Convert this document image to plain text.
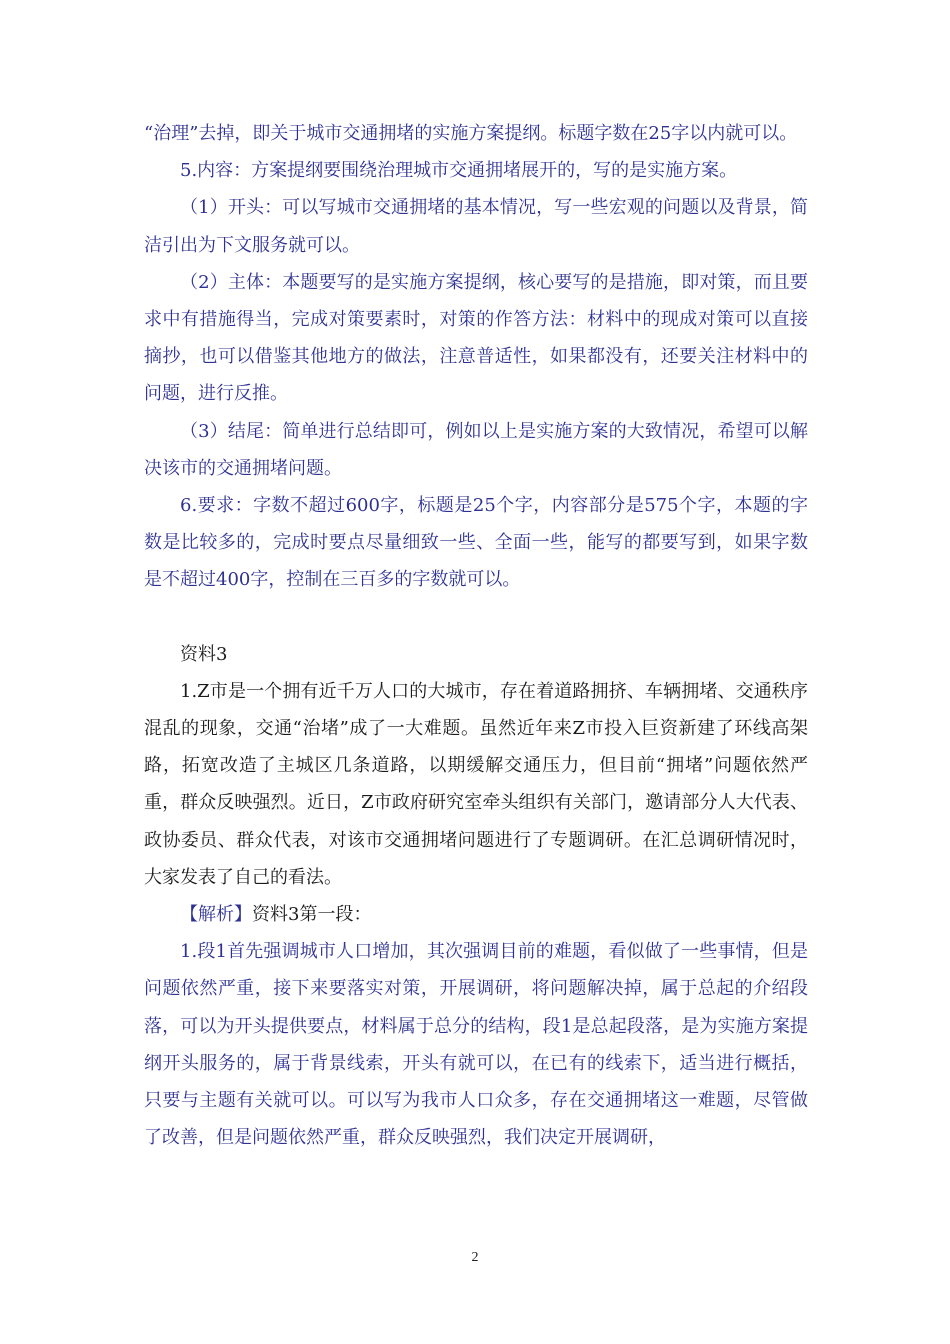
“治理”去掉，即关于城市交通拥堵的实施方案提纲。标题字数在25字以内就可以。

5.内容：方案提纲要围绕治理城市交通拥堵展开的，写的是实施方案。

（1）开头：可以写城市交通拥堵的基本情况，写一些宏观的问题以及背景，简洁引出为下文服务就可以。

（2）主体：本题要写的是实施方案提纲，核心要写的是措施，即对策，而且要求中有措施得当，完成对策要素时，对策的作答方法：材料中的现成对策可以直接摘抄，也可以借鉴其他地方的做法，注意普适性，如果都没有，还要关注材料中的问题，进行反推。

（3）结尾：简单进行总结即可，例如以上是实施方案的大致情况，希望可以解决该市的交通拥堵问题。

6.要求：字数不超过600字，标题是25个字，内容部分是575个字，本题的字数是比较多的，完成时要点尽量细致一些、全面一些，能写的都要写到，如果字数是不超过400字，控制在三百多的字数就可以。

资料3

1.Z市是一个拥有近千万人口的大城市，存在着道路拥挤、车辆拥堵、交通秩序混乱的现象，交通“治堵”成了一大难题。虽然近年来Z市投入巨资新建了环线高架路，拓宽改造了主城区几条道路，以期缓解交通压力，但目前“拥堵”问题依然严重，群众反映强烈。近日，Z市政府研究室牵头组织有关部门，邀请部分人大代表、政协委员、群众代表，对该市交通拥堵问题进行了专题调研。在汇总调研情况时，大家发表了自己的看法。

【解析】资料3第一段：

1.段1首先强调城市人口增加，其次强调目前的难题，看似做了一些事情，但是问题依然严重，接下来要落实对策，开展调研，将问题解决掉，属于总起的介绍段落，可以为开头提供要点，材料属于总分的结构，段1是总起段落，是为实施方案提纲开头服务的，属于背景线索，开头有就可以，在已有的线索下，适当进行概括，只要与主题有关就可以。可以写为我市人口众多，存在交通拥堵这一难题，尽管做了改善，但是问题依然严重，群众反映强烈，我们决定开展调研，

2
